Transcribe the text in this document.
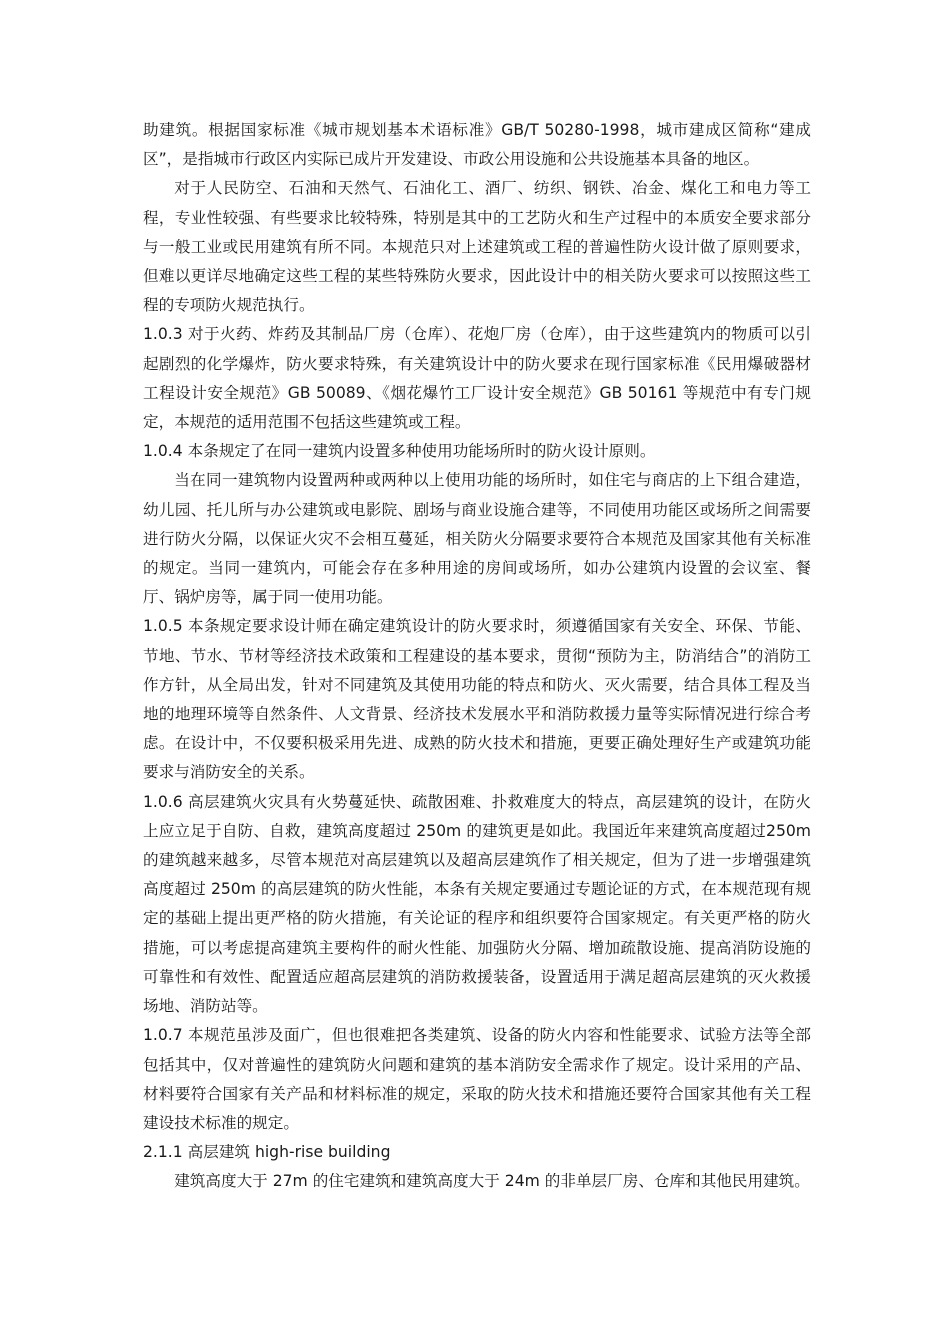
助建筑。根据国家标准《城市规划基本术语标准》GB/T 50280-1998，城市建成区简称“建成区”，是指城市行政区内实际已成片开发建设、市政公用设施和公共设施基本具备的地区。

对于人民防空、石油和天然气、石油化工、酒厂、纺织、钢铁、冶金、煤化工和电力等工程，专业性较强、有些要求比较特殊，特别是其中的工艺防火和生产过程中的本质安全要求部分与一般工业或民用建筑有所不同。本规范只对上述建筑或工程的普遍性防火设计做了原则要求，但难以更详尽地确定这些工程的某些特殊防火要求，因此设计中的相关防火要求可以按照这些工程的专项防火规范执行。

1.0.3 对于火药、炸药及其制品厂房（仓库）、花炮厂房（仓库），由于这些建筑内的物质可以引起剧烈的化学爆炸，防火要求特殊，有关建筑设计中的防火要求在现行国家标准《民用爆破器材工程设计安全规范》GB 50089、《烟花爆竹工厂设计安全规范》GB 50161 等规范中有专门规定，本规范的适用范围不包括这些建筑或工程。

1.0.4 本条规定了在同一建筑内设置多种使用功能场所时的防火设计原则。

当在同一建筑物内设置两种或两种以上使用功能的场所时，如住宅与商店的上下组合建造，幼儿园、托儿所与办公建筑或电影院、剧场与商业设施合建等，不同使用功能区或场所之间需要进行防火分隔，以保证火灾不会相互蔓延，相关防火分隔要求要符合本规范及国家其他有关标准的规定。当同一建筑内，可能会存在多种用途的房间或场所，如办公建筑内设置的会议室、餐厅、锅炉房等，属于同一使用功能。

1.0.5 本条规定要求设计师在确定建筑设计的防火要求时，须遵循国家有关安全、环保、节能、节地、节水、节材等经济技术政策和工程建设的基本要求，贯彻“预防为主，防消结合”的消防工作方针，从全局出发，针对不同建筑及其使用功能的特点和防火、灭火需要，结合具体工程及当地的地理环境等自然条件、人文背景、经济技术发展水平和消防救援力量等实际情况进行综合考虑。在设计中，不仅要积极采用先进、成熟的防火技术和措施，更要正确处理好生产或建筑功能要求与消防安全的关系。

1.0.6 高层建筑火灾具有火势蔓延快、疏散困难、扑救难度大的特点，高层建筑的设计，在防火上应立足于自防、自救，建筑高度超过 250m 的建筑更是如此。我国近年来建筑高度超过250m 的建筑越来越多，尽管本规范对高层建筑以及超高层建筑作了相关规定，但为了进一步增强建筑高度超过 250m 的高层建筑的防火性能，本条有关规定要通过专题论证的方式，在本规范现有规定的基础上提出更严格的防火措施，有关论证的程序和组织要符合国家规定。有关更严格的防火措施，可以考虑提高建筑主要构件的耐火性能、加强防火分隔、增加疏散设施、提高消防设施的可靠性和有效性、配置适应超高层建筑的消防救援装备，设置适用于满足超高层建筑的灭火救援场地、消防站等。

1.0.7 本规范虽涉及面广，但也很难把各类建筑、设备的防火内容和性能要求、试验方法等全部包括其中，仅对普遍性的建筑防火问题和建筑的基本消防安全需求作了规定。设计采用的产品、材料要符合国家有关产品和材料标准的规定，采取的防火技术和措施还要符合国家其他有关工程建设技术标准的规定。

2.1.1 高层建筑 high-rise building

建筑高度大于 27m 的住宅建筑和建筑高度大于 24m 的非单层厂房、仓库和其他民用建筑。
